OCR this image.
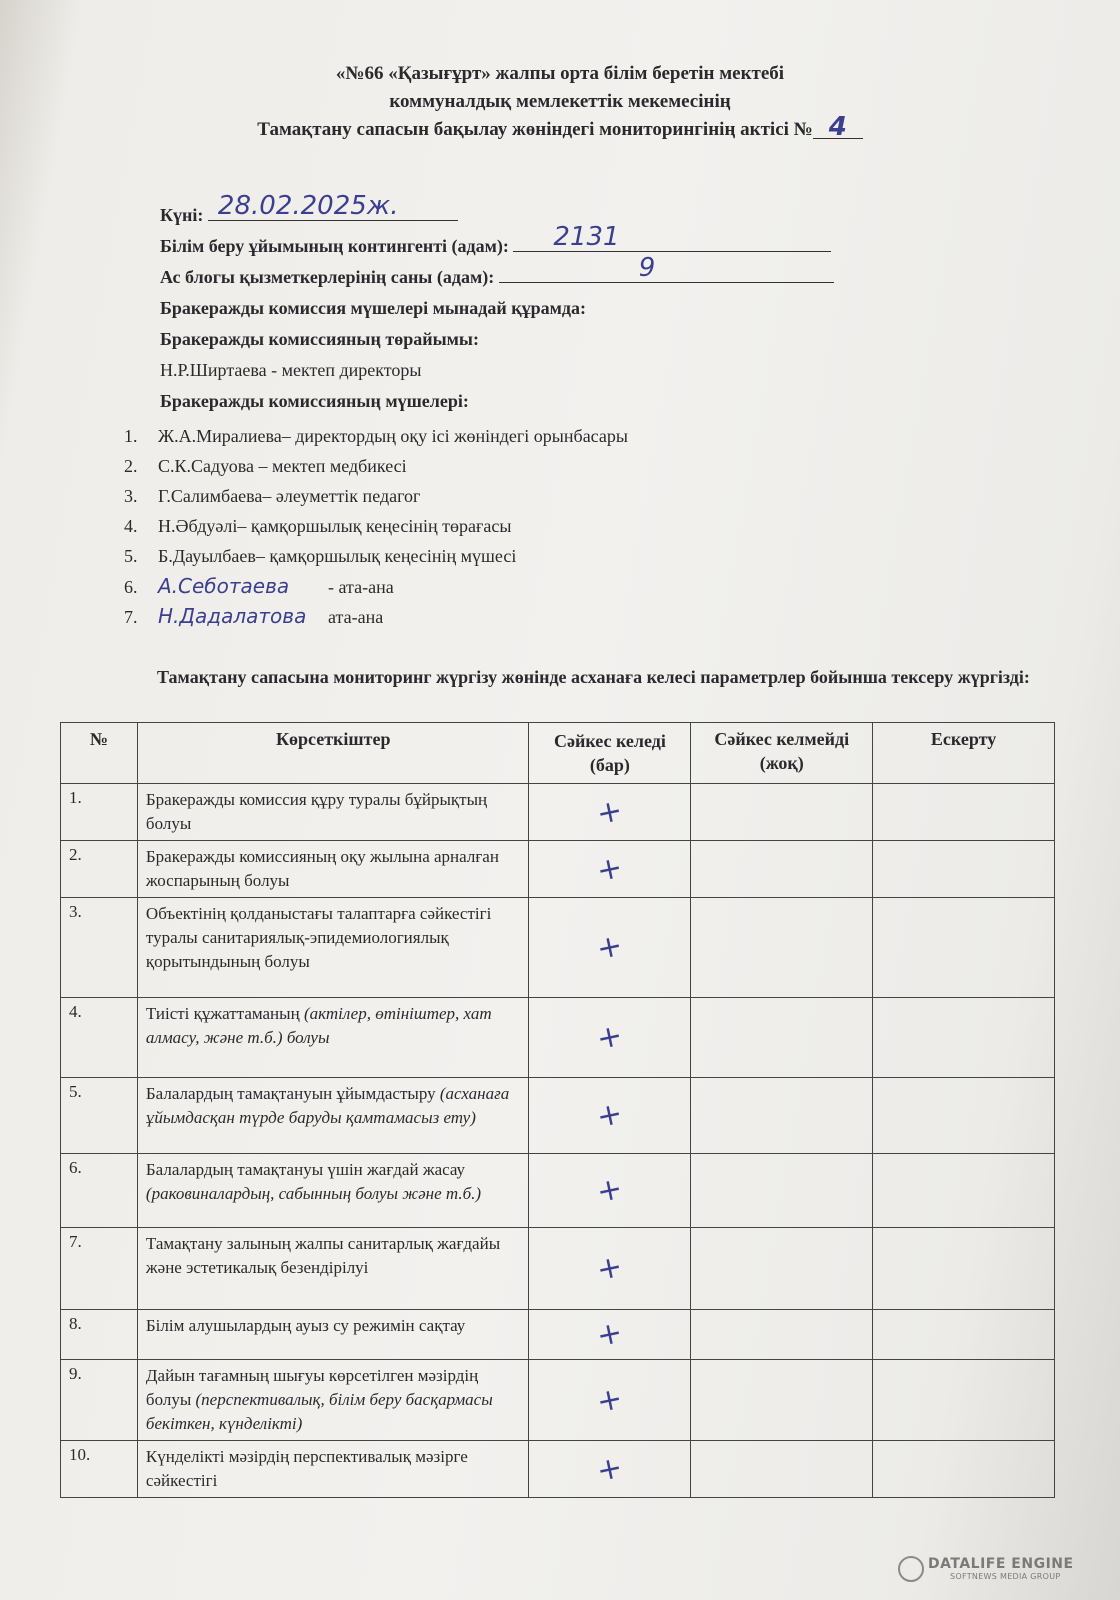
«№66 «Қазығұрт» жалпы орта білім беретін мектебі
коммуналдық мемлекеттік мекемесінің
Тамақтану сапасын бақылау жөніндегі мониторингінің актісі № 4
Күні: 28.02.2025ж.
Білім беру ұйымының контингенті (адам): 2131
Ас блогы қызметкерлерінің саны (адам):	9
Бракеражды комиссия мүшелері мынадай құрамда:
Бракеражды комиссияның төрайымы:
Н.Р.Ширтаева - мектеп директоры
Бракеражды комиссияның мүшелері:
1. Ж.А.Миралиева– директордың оқу ісі жөніндегі орынбасары
2. С.К.Садуова – мектеп медбикесі
3. Г.Салимбаева– әлеуметтік педагог
4. Н.Әбдуәлі– қамқоршылық кеңесінің төрағасы
5. Б.Дауылбаев– қамқоршылық кеңесінің мүшесі
6. А.Себотаева - ата-ана
7. Н.Дадалатова ата-ана
Тамақтану сапасына мониторинг жүргізу жөнінде асханаға келесі параметрлер бойынша тексеру жүргізді:
№	Көрсеткіштер	Сәйкес келеді (бар)	Сәйкес келмейді (жоқ)	Ескерту
1.	Бракеражды комиссия құру туралы бұйрықтың болуы	+		
2.	Бракеражды комиссияның оқу жылына арналған жоспарының болуы	+		
3.	Объектінің қолданыстағы талаптарға сәйкестігі туралы санитариялық-эпидемиологиялық қорытындының болуы	+		
4.	Тиісті құжаттаманың (актілер, өтініштер, хат алмасу, және т.б.) болуы	+		
5.	Балалардың тамақтануын ұйымдастыру (асханаға ұйымдасқан түрде баруды қамтамасыз ету)	+		
6.	Балалардың тамақтануы үшін жағдай жасау (раковиналардың, сабынның болуы және т.б.)	+		
7.	Тамақтану залының жалпы санитарлық жағдайы және эстетикалық безендірілуі	+		
8.	Білім алушылардың ауыз су режимін сақтау	+		
9.	Дайын тағамның шығуы көрсетілген мәзірдің болуы (перспективалық, білім беру басқармасы бекіткен, күнделікті)	+		
10.	Күнделікті мәзірдің перспективалық мәзірге сәйкестігі	+		
DATALIFE ENGINE
SOFTNEWS MEDIA GROUP
